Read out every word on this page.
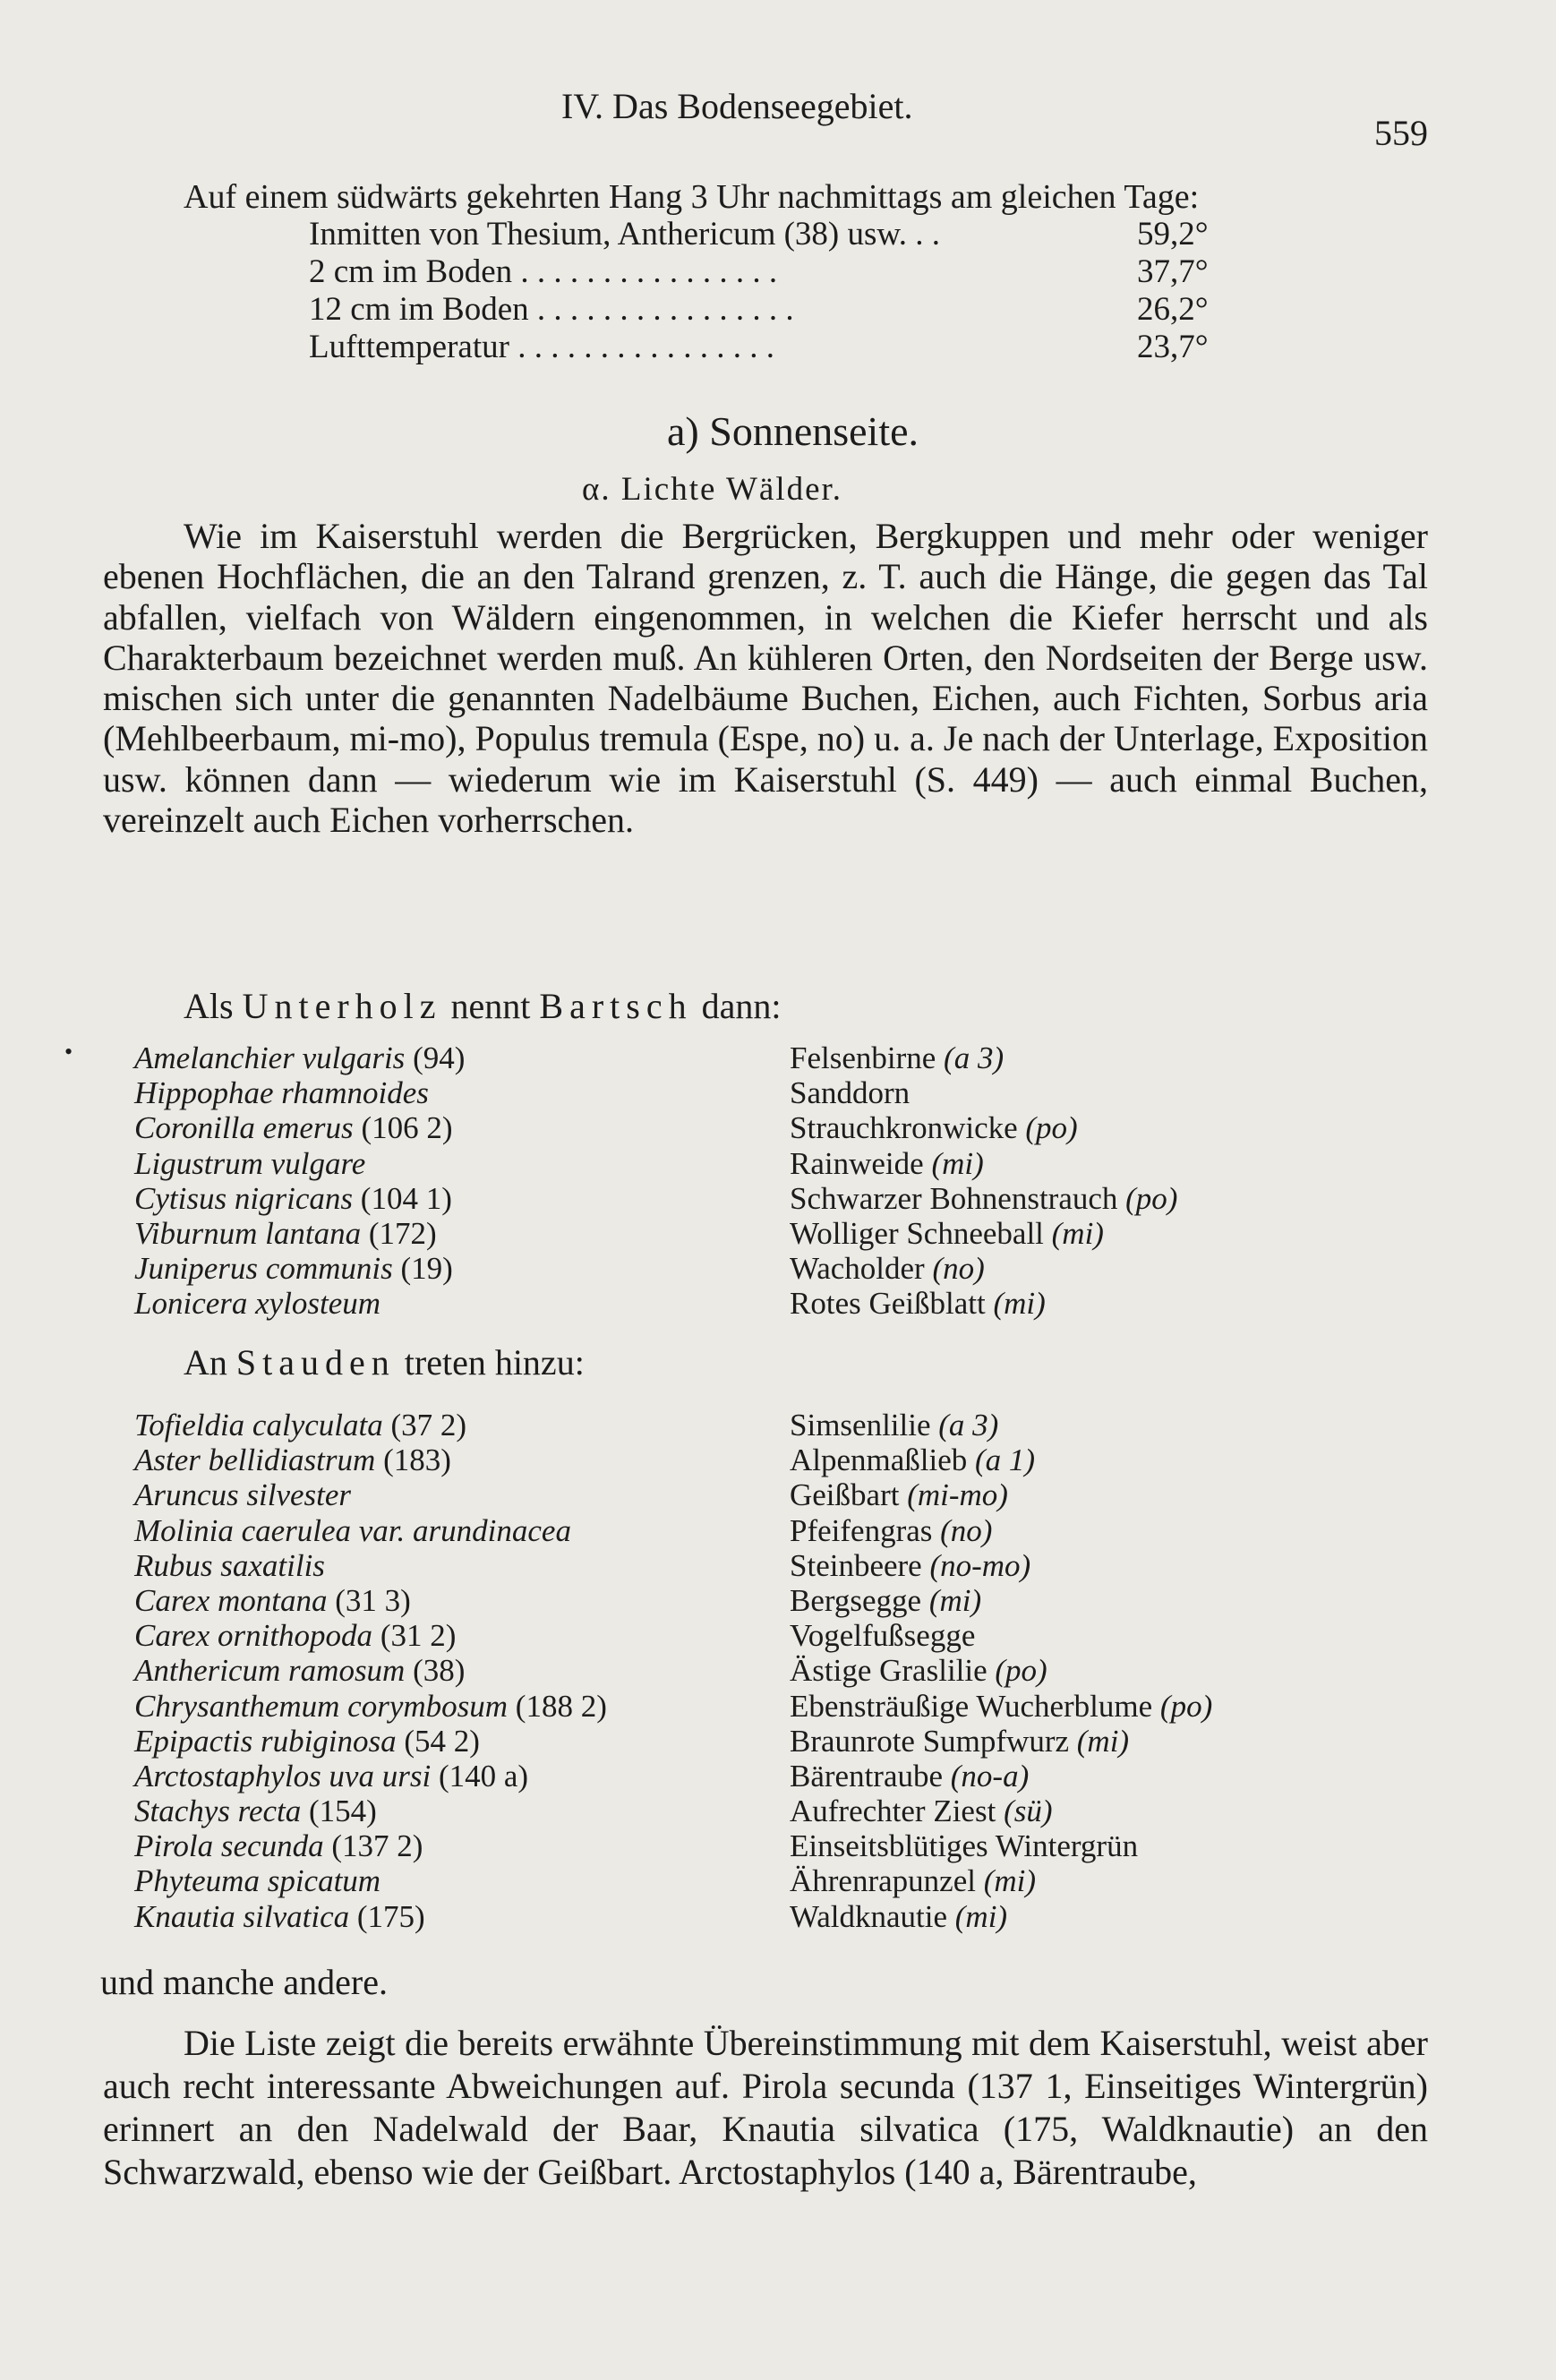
IV. Das Bodenseegebiet.
559
Auf einem südwärts gekehrten Hang 3 Uhr nachmittags am gleichen Tage:
Inmitten von Thesium, Anthericum (38) usw. . .	59,2°
2 cm im Boden . . . . . . . . . . . . . . . .	37,7°
12 cm im Boden . . . . . . . . . . . . . . . .	26,2°
Lufttemperatur . . . . . . . . . . . . . . . .	23,7°
a) Sonnenseite.
α. Lichte Wälder.
Wie im Kaiserstuhl werden die Bergrücken, Bergkuppen und mehr oder weniger ebenen Hochflächen, die an den Talrand grenzen, z. T. auch die Hänge, die gegen das Tal abfallen, vielfach von Wäldern eingenommen, in welchen die Kiefer herrscht und als Charakterbaum bezeichnet werden muß. An kühleren Orten, den Nordseiten der Berge usw. mischen sich unter die genannten Nadelbäume Buchen, Eichen, auch Fichten, Sorbus aria (Mehlbeerbaum, mi-mo), Populus tremula (Espe, no) u. a. Je nach der Unterlage, Exposition usw. können dann — wiederum wie im Kaiserstuhl (S. 449) — auch einmal Buchen, vereinzelt auch Eichen vorherrschen.
Als Unterholz nennt Bartsch dann:
• Amelanchier vulgaris (94)	Felsenbirne (a 3)
Hippophae rhamnoides	Sanddorn
Coronilla emerus (106 2)	Strauchkronwicke (po)
Ligustrum vulgare	Rainweide (mi)
Cytisus nigricans (104 1)	Schwarzer Bohnenstrauch (po)
Viburnum lantana (172)	Wolliger Schneeball (mi)
Juniperus communis (19)	Wacholder (no)
Lonicera xylosteum	Rotes Geißblatt (mi)
An Stauden treten hinzu:
Tofieldia calyculata (37 2)	Simsenlilie (a 3)
Aster bellidiastrum (183)	Alpenmaßlieb (a 1)
Aruncus silvester	Geißbart (mi-mo)
Molinia caerulea var. arundinacea	Pfeifengras (no)
Rubus saxatilis	Steinbeere (no-mo)
Carex montana (31 3)	Bergsegge (mi)
Carex ornithopoda (31 2)	Vogelfußsegge
Anthericum ramosum (38)	Ästige Graslilie (po)
Chrysanthemum corymbosum (188 2)	Ebensträußige Wucherblume (po)
Epipactis rubiginosa (54 2)	Braunrote Sumpfwurz (mi)
Arctostaphylos uva ursi (140 a)	Bärentraube (no-a)
Stachys recta (154)	Aufrechter Ziest (sü)
Pirola secunda (137 2)	Einseitsblütiges Wintergrün
Phyteuma spicatum	Ährenrapunzel (mi)
Knautia silvatica (175)	Waldknautie (mi)
und manche andere.
Die Liste zeigt die bereits erwähnte Übereinstimmung mit dem Kaiserstuhl, weist aber auch recht interessante Abweichungen auf. Pirola secunda (137 1, Einseitiges Wintergrün) erinnert an den Nadelwald der Baar, Knautia silvatica (175, Waldknautie) an den Schwarzwald, ebenso wie der Geißbart. Arctostaphylos (140 a, Bärentraube,
